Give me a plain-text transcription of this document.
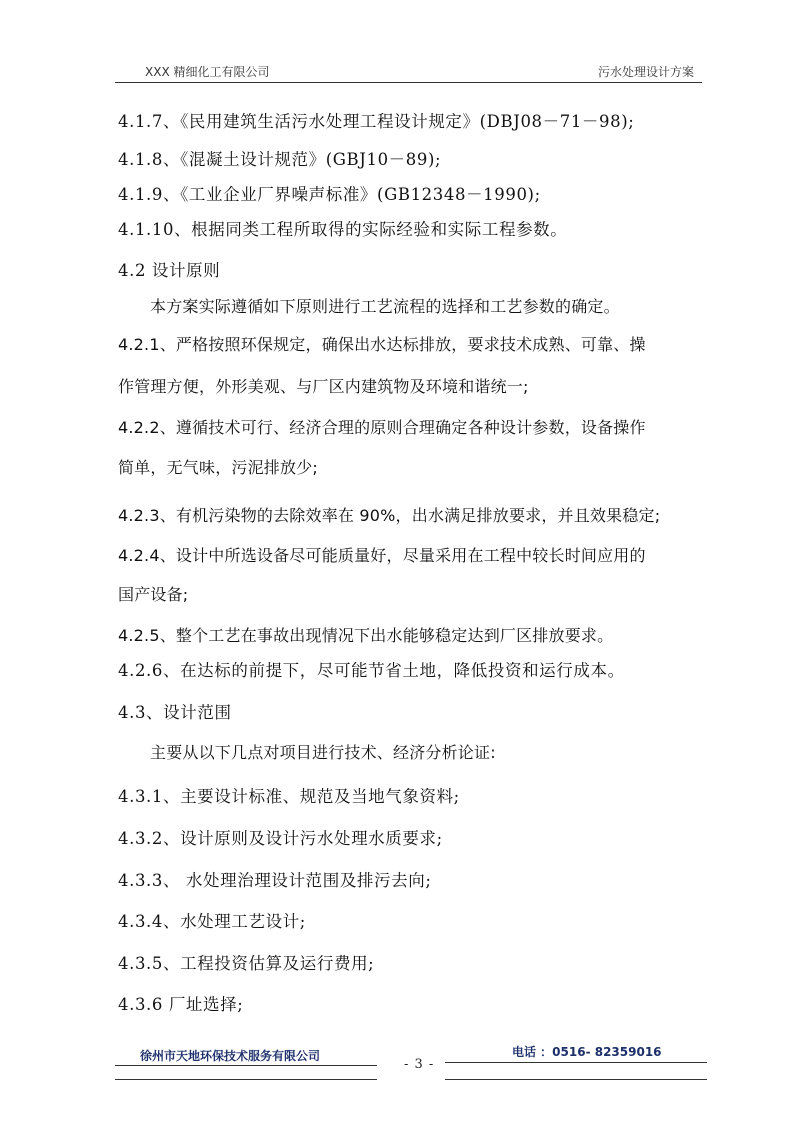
XXX 精细化工有限公司	污水处理设计方案
4.1.7、《民用建筑生活污水处理工程设计规定》(DBJ08－71－98);
4.1.8、《混凝土设计规范》(GBJ10－89);
4.1.9、《工业企业厂界噪声标准》(GB12348－1990);
4.1.10、根据同类工程所取得的实际经验和实际工程参数。
4.2 设计原则
本方案实际遵循如下原则进行工艺流程的选择和工艺参数的确定。
4.2.1、严格按照环保规定，确保出水达标排放，要求技术成熟、可靠、操
作管理方便，外形美观、与厂区内建筑物及环境和谐统一;
4.2.2、遵循技术可行、经济合理的原则合理确定各种设计参数，设备操作
简单，无气味，污泥排放少;
4.2.3、有机污染物的去除效率在 90%，出水满足排放要求，并且效果稳定;
4.2.4、设计中所选设备尽可能质量好，尽量采用在工程中较长时间应用的
国产设备;
4.2.5、整个工艺在事故出现情况下出水能够稳定达到厂区排放要求。
4.2.6、在达标的前提下，尽可能节省土地，降低投资和运行成本。
4.3、设计范围
主要从以下几点对项目进行技术、经济分析论证:
4.3.1、主要设计标准、规范及当地气象资料;
4.3.2、设计原则及设计污水处理水质要求;
4.3.3、 水处理治理设计范围及排污去向;
4.3.4、水处理工艺设计;
4.3.5、工程投资估算及运行费用;
4.3.6 厂址选择;
徐州市天地环保技术服务有限公司
- 3 -
电话 ：0516- 82359016
